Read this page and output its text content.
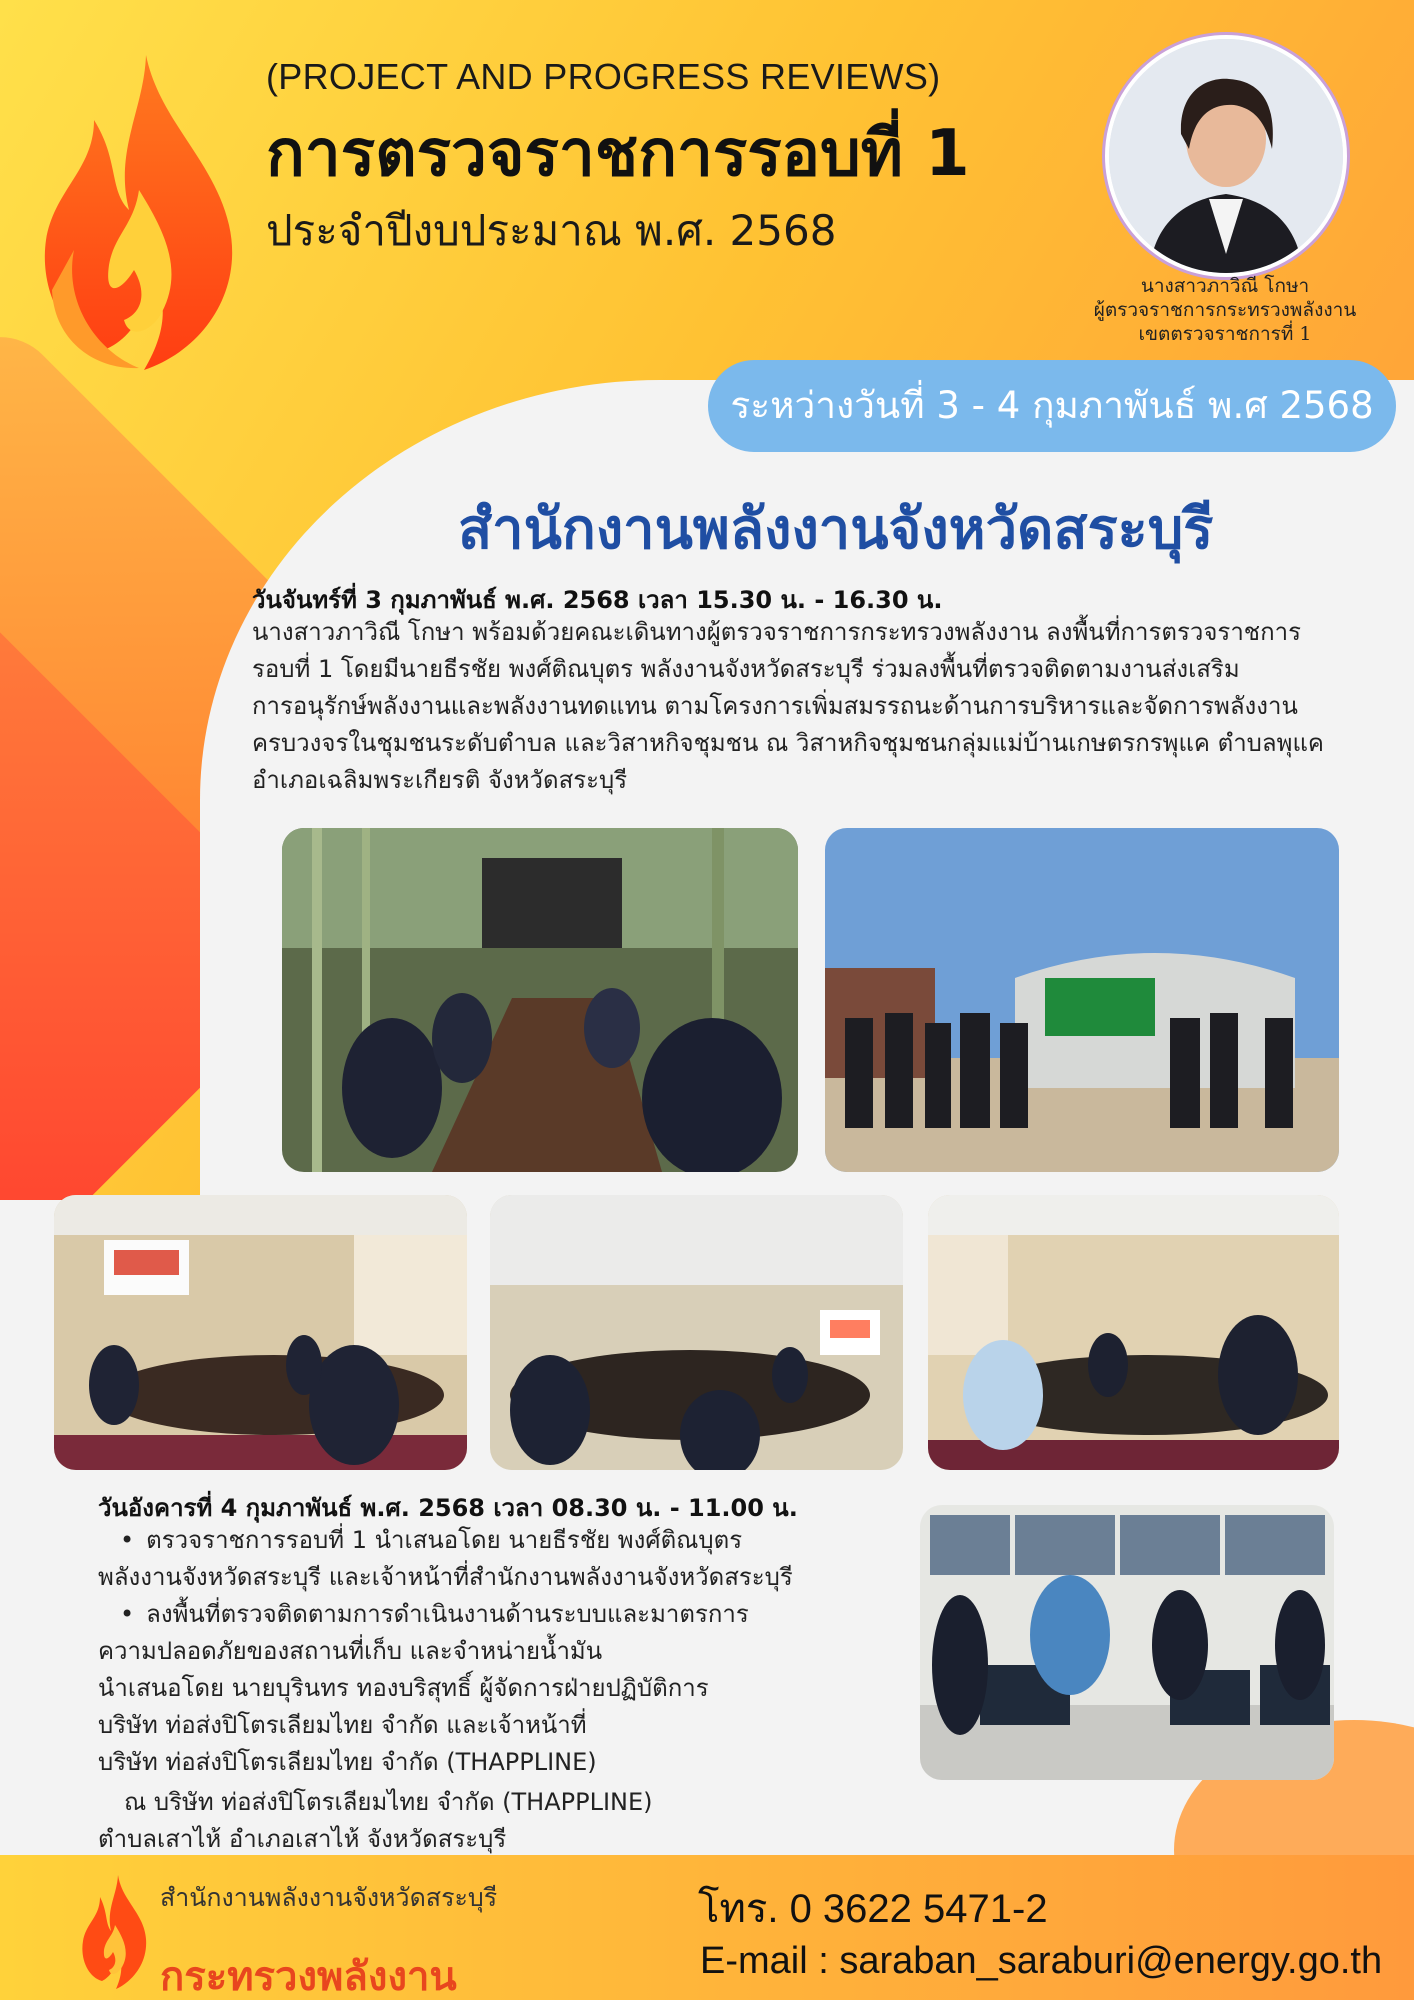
(PROJECT AND PROGRESS REVIEWS)
การตรวจราชการรอบที่ 1
ประจำปีงบประมาณ พ.ศ. 2568
นางสาวภาวิณี โกษา
ผู้ตรวจราชการกระทรวงพลังงาน
เขตตรวจราชการที่ 1
ระหว่างวันที่ 3 - 4 กุมภาพันธ์ พ.ศ 2568
สำนักงานพลังงานจังหวัดสระบุรี
วันจันทร์ที่ 3 กุมภาพันธ์ พ.ศ. 2568 เวลา 15.30 น. - 16.30 น.
นางสาวภาวิณี โกษา พร้อมด้วยคณะเดินทางผู้ตรวจราชการกระทรวงพลังงาน ลงพื้นที่การตรวจราชการ
รอบที่ 1 โดยมีนายธีรชัย พงศ์ติณบุตร พลังงานจังหวัดสระบุรี ร่วมลงพื้นที่ตรวจติดตามงานส่งเสริม
การอนุรักษ์พลังงานและพลังงานทดแทน ตามโครงการเพิ่มสมรรถนะด้านการบริหารและจัดการพลังงาน
ครบวงจรในชุมชนระดับตำบล และวิสาหกิจชุมชน ณ วิสาหกิจชุมชนกลุ่มแม่บ้านเกษตรกรพุแค ตำบลพุแค
อำเภอเฉลิมพระเกียรติ จังหวัดสระบุรี
วันอังคารที่ 4 กุมภาพันธ์ พ.ศ. 2568 เวลา 08.30 น. - 11.00 น.
• ตรวจราชการรอบที่ 1 นำเสนอโดย นายธีรชัย พงศ์ติณบุตร
พลังงานจังหวัดสระบุรี และเจ้าหน้าที่สำนักงานพลังงานจังหวัดสระบุรี
• ลงพื้นที่ตรวจติดตามการดำเนินงานด้านระบบและมาตรการ
ความปลอดภัยของสถานที่เก็บ และจำหน่ายน้ำมัน
นำเสนอโดย นายบุรินทร ทองบริสุทธิ์ ผู้จัดการฝ่ายปฏิบัติการ
บริษัท ท่อส่งปิโตรเลียมไทย จำกัด และเจ้าหน้าที่
บริษัท ท่อส่งปิโตรเลียมไทย จำกัด (THAPPLINE)
ณ บริษัท ท่อส่งปิโตรเลียมไทย จำกัด (THAPPLINE)
ตำบลเสาไห้ อำเภอเสาไห้ จังหวัดสระบุรี
สำนักงานพลังงานจังหวัดสระบุรี
กระทรวงพลังงาน
โทร. 0 3622 5471-2
E-mail : saraban_saraburi@energy.go.th
